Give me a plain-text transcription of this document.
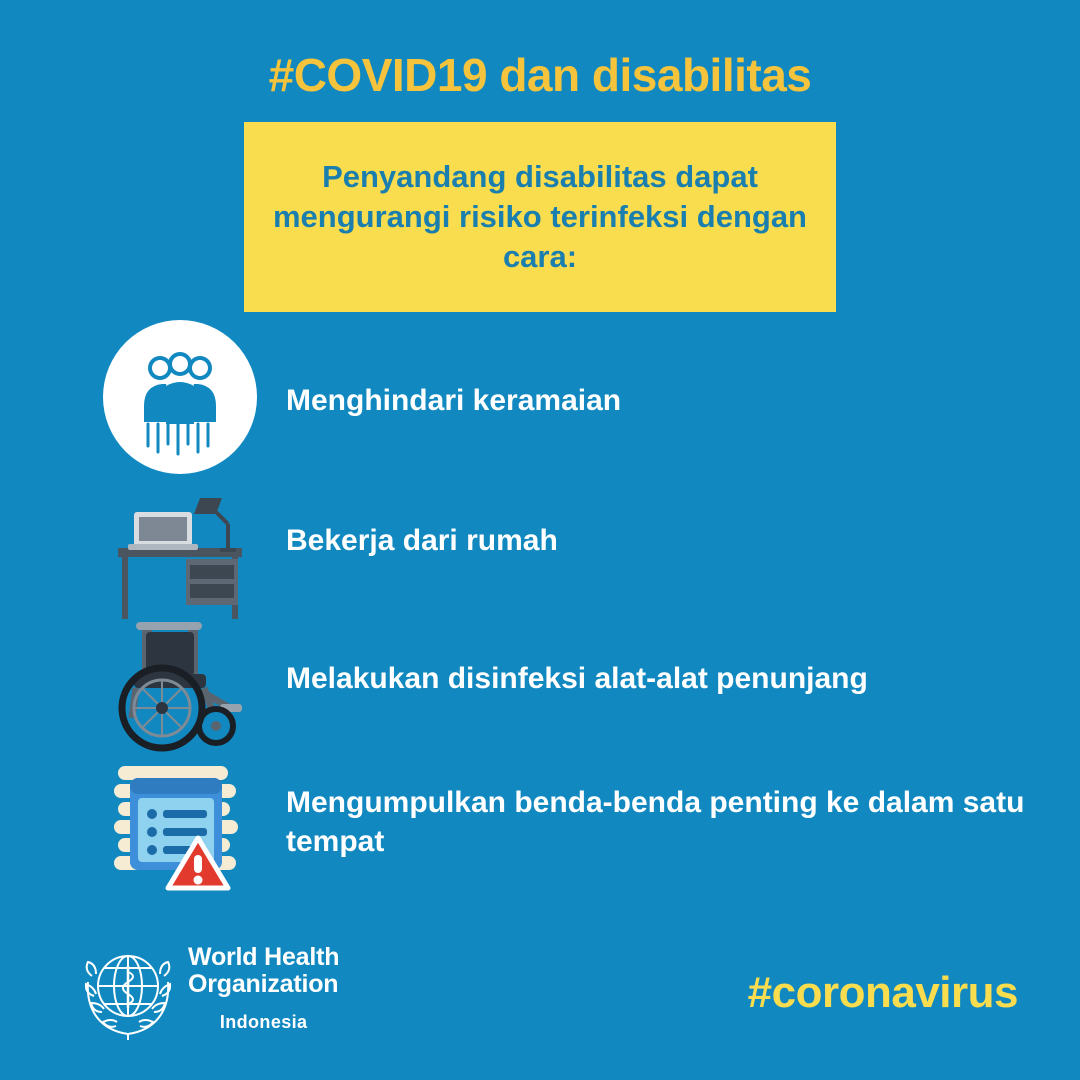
#COVID19 dan disabilitas
Penyandang disabilitas dapat mengurangi risiko terinfeksi dengan cara:
Menghindari keramaian
Bekerja dari rumah
Melakukan disinfeksi alat-alat penunjang
Mengumpulkan benda-benda penting ke dalam satu tempat
World Health
Organization
Indonesia
#coronavirus
